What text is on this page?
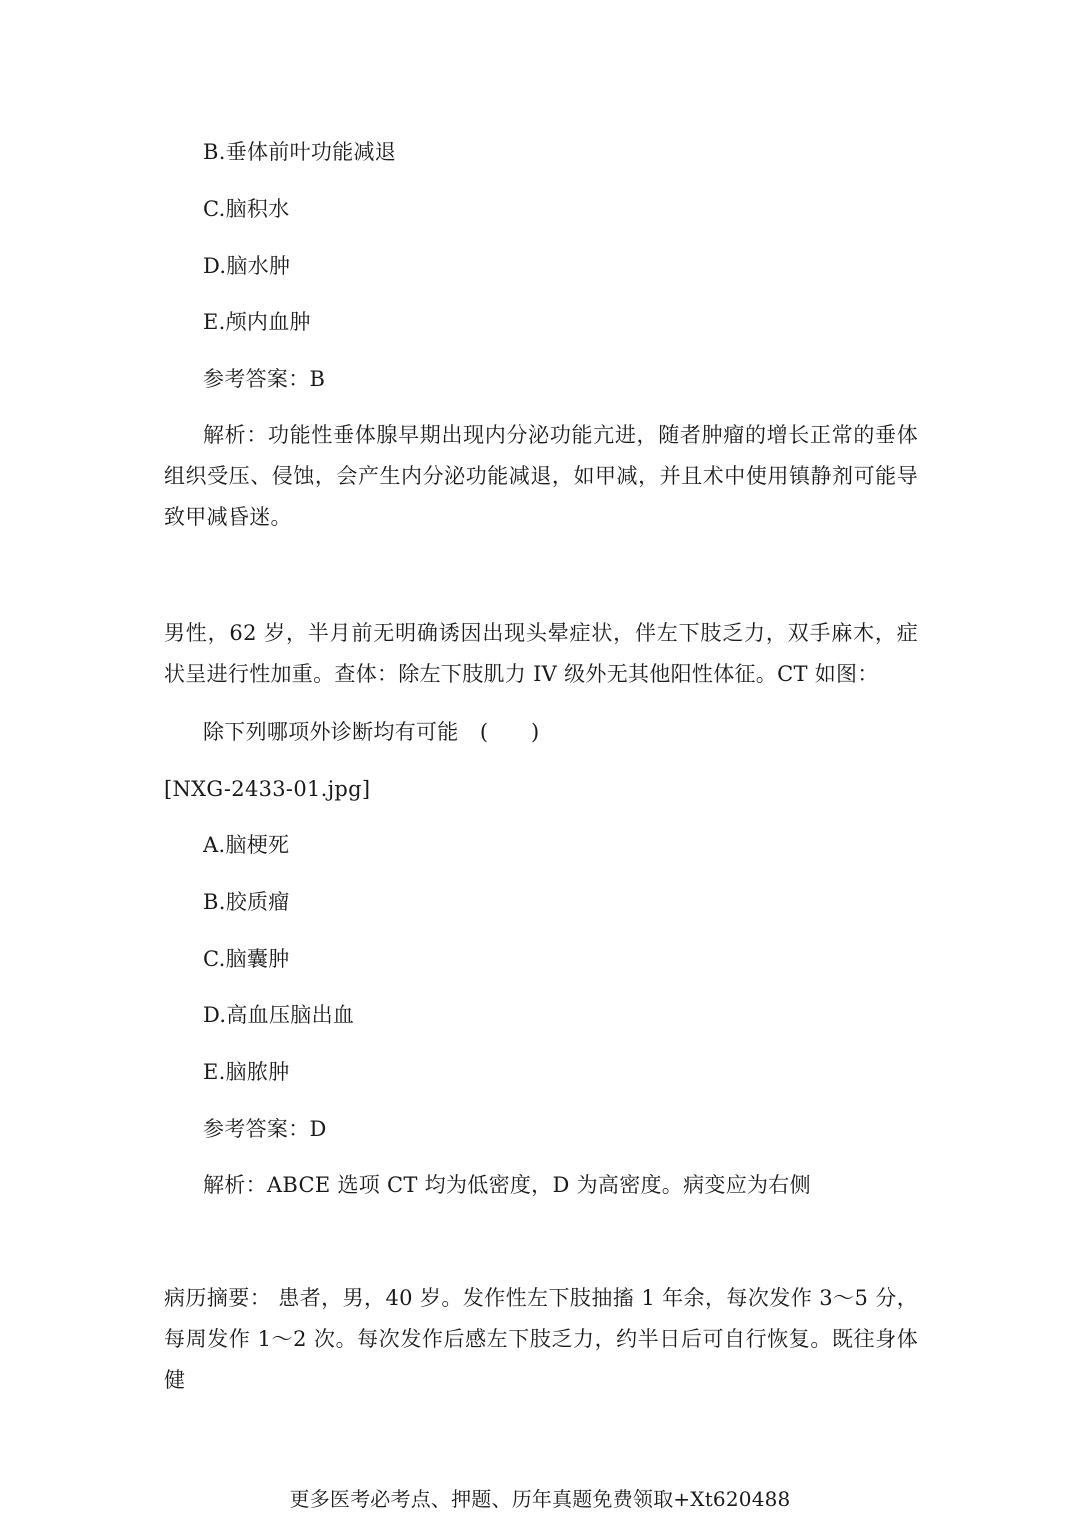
B.垂体前叶功能减退
C.脑积水
D.脑水肿
E.颅内血肿
参考答案：B
解析：功能性垂体腺早期出现内分泌功能亢进，随者肿瘤的增长正常的垂体组织受压、侵蚀，会产生内分泌功能减退，如甲减，并且术中使用镇静剂可能导致甲减昏迷。
男性，62 岁，半月前无明确诱因出现头晕症状，伴左下肢乏力，双手麻木，症状呈进行性加重。查体：除左下肢肌力 IV 级外无其他阳性体征。CT 如图：
除下列哪项外诊断均有可能　(　　)
[NXG-2433-01.jpg]
A.脑梗死
B.胶质瘤
C.脑囊肿
D.高血压脑出血
E.脑脓肿
参考答案：D
解析：ABCE 选项 CT 均为低密度，D 为高密度。病变应为右侧
病历摘要： 患者，男，40 岁。发作性左下肢抽搐 1 年余，每次发作 3～5 分，每周发作 1～2 次。每次发作后感左下肢乏力，约半日后可自行恢复。既往身体健
更多医考必考点、押题、历年真题免费领取+Xt620488
